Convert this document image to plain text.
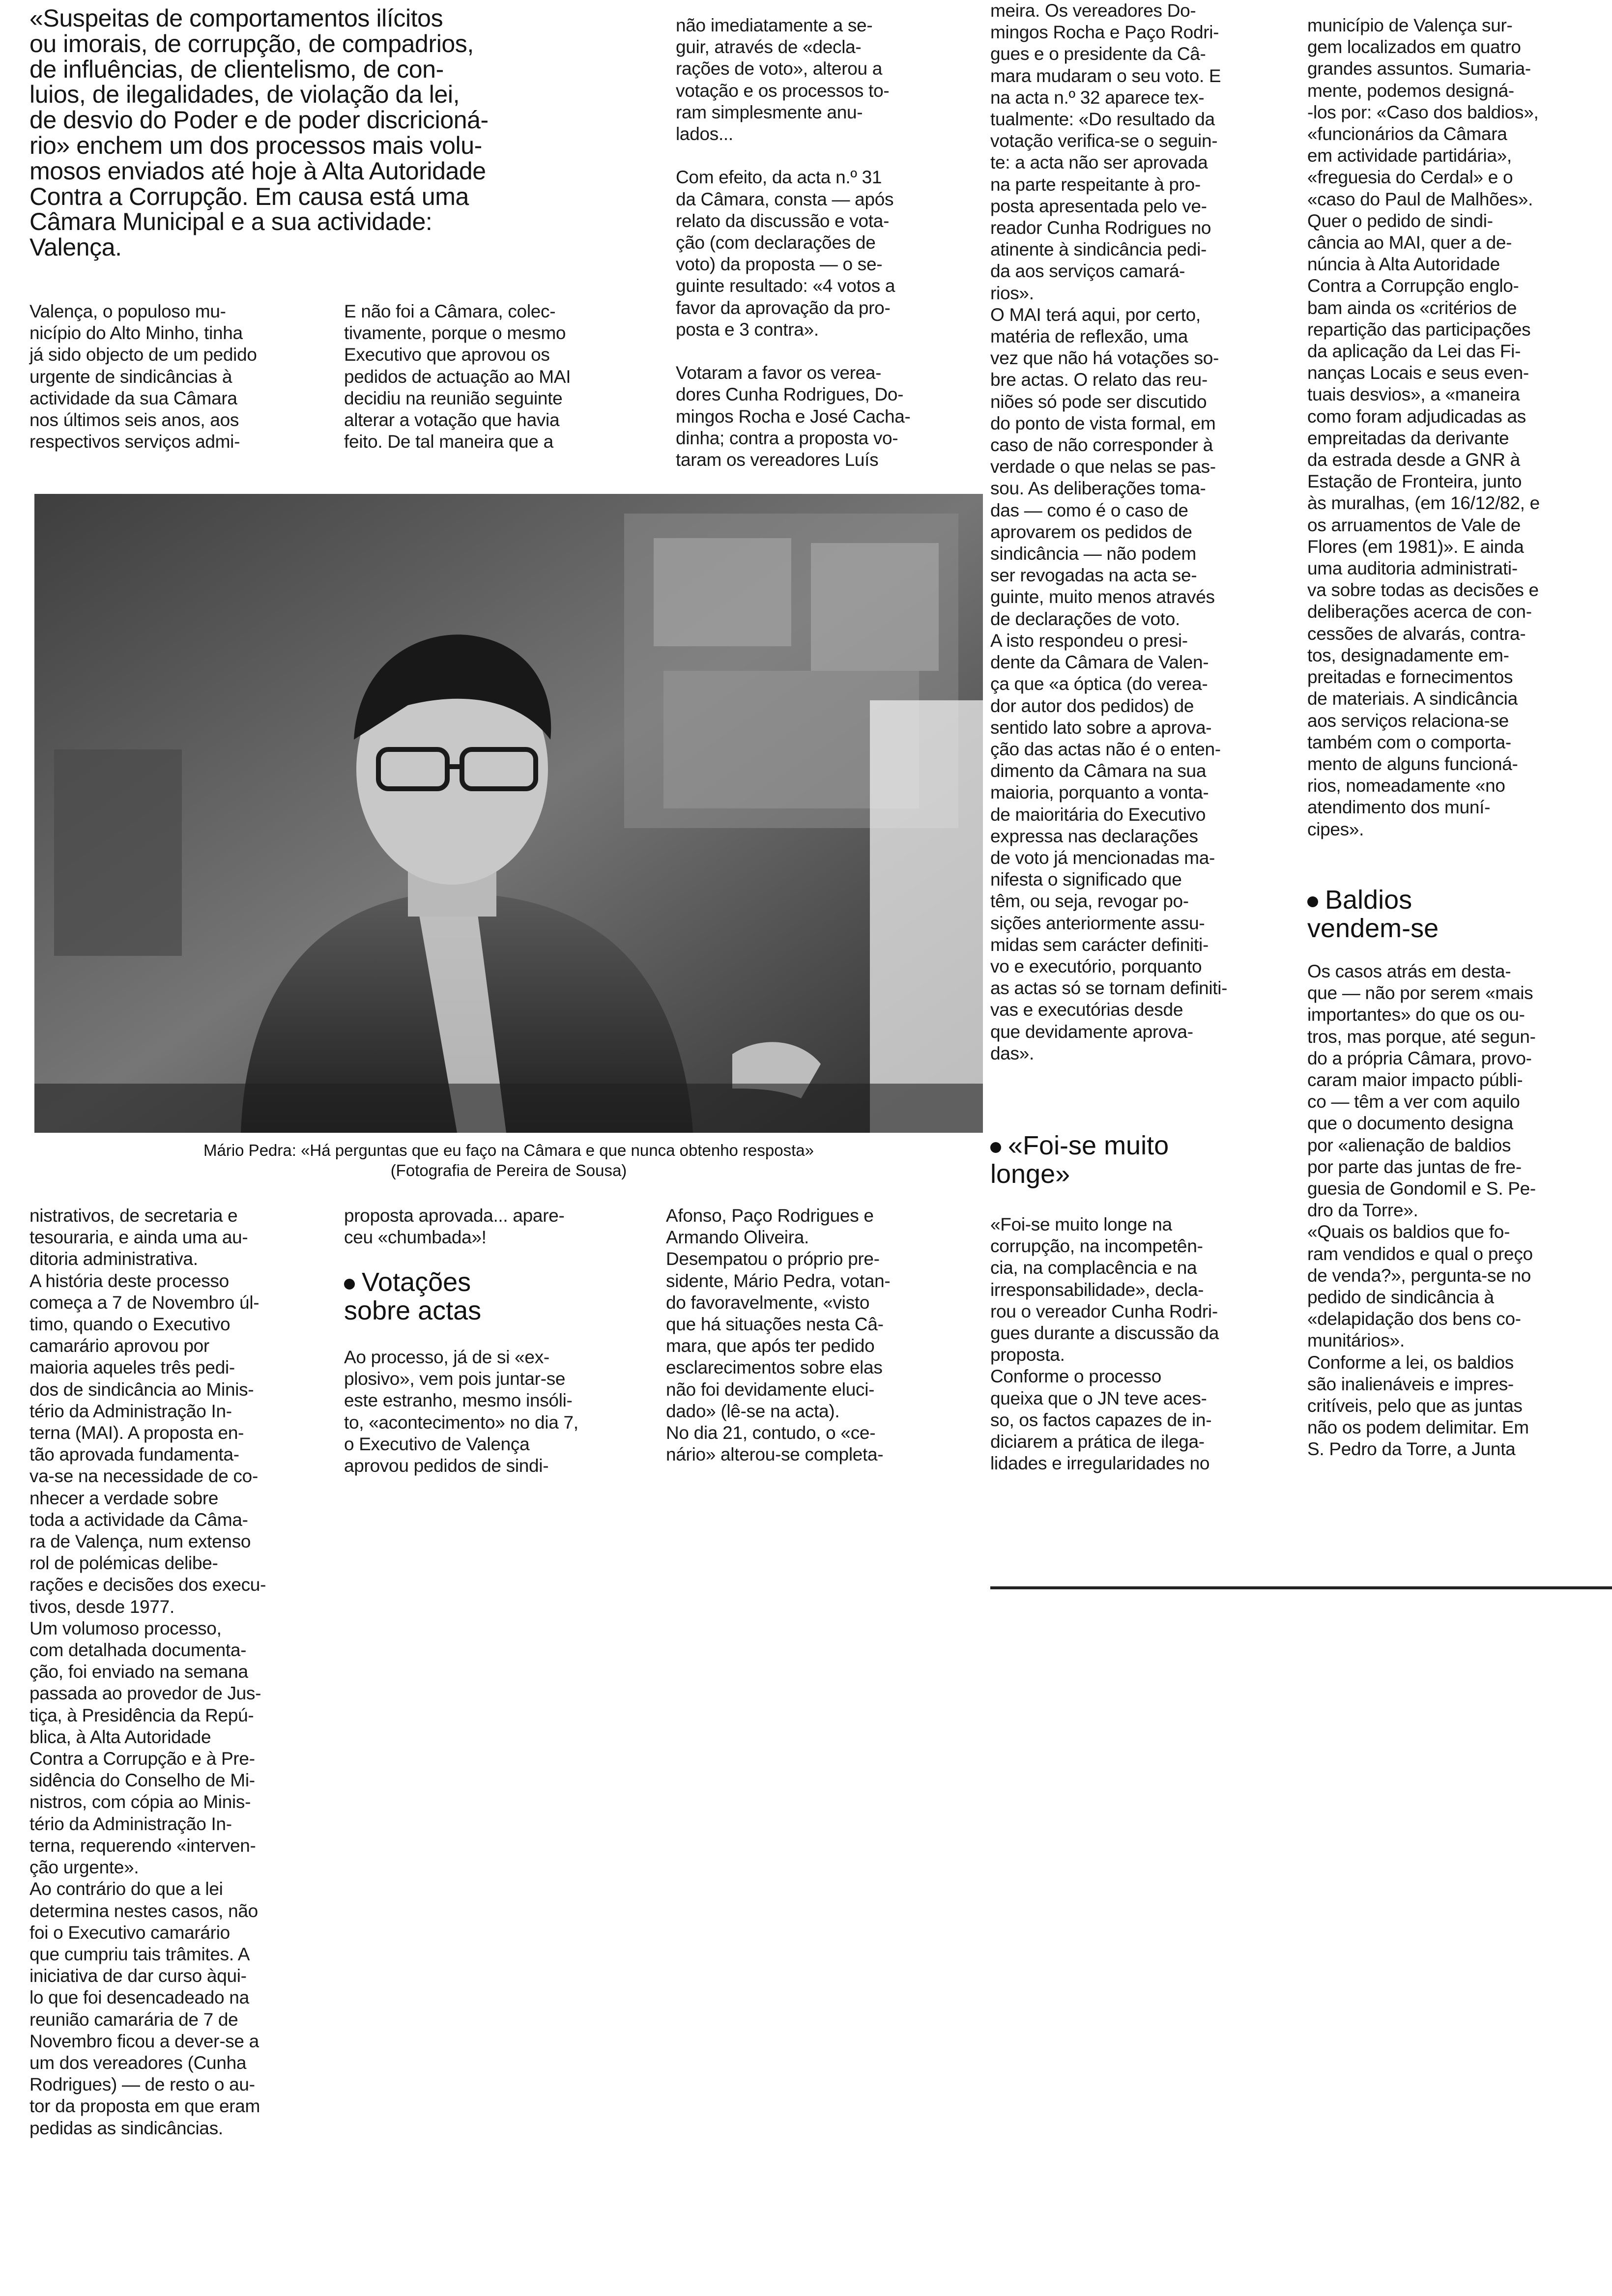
«Suspeitas de comportamentos ilícitos
ou imorais, de corrupção, de compadrios,
de influências, de clientelismo, de con-
luios, de ilegalidades, de violação da lei,
de desvio do Poder e de poder discricioná-
rio» enchem um dos processos mais volu-
mosos enviados até hoje à Alta Autoridade
Contra a Corrupção. Em causa está uma
Câmara Municipal e a sua actividade:
Valença.

Valença, o populoso mu-
nicípio do Alto Minho, tinha
já sido objecto de um pedido
urgente de sindicâncias à
actividade da sua Câmara
nos últimos seis anos, aos
respectivos serviços admi-

E não foi a Câmara, colec-
tivamente, porque o mesmo
Executivo que aprovou os
pedidos de actuação ao MAI
decidiu na reunião seguinte
alterar a votação que havia
feito. De tal maneira que a

não imediatamente a se-
guir, através de «decla-
rações de voto», alterou a
votação e os processos to-
ram simplesmente anu-
lados...

Com efeito, da acta n.º 31
da Câmara, consta — após
relato da discussão e vota-
ção (com declarações de
voto) da proposta — o se-
guinte resultado: «4 votos a
favor da aprovação da pro-
posta e 3 contra».

Votaram a favor os verea-
dores Cunha Rodrigues, Do-
mingos Rocha e José Cacha-
dinha; contra a proposta vo-
taram os vereadores Luís

Mário Pedra: «Há perguntas que eu faço na Câmara e que nunca obtenho resposta»
(Fotografia de Pereira de Sousa)

meira. Os vereadores Do-
mingos Rocha e Paço Rodri-
gues e o presidente da Câ-
mara mudaram o seu voto. E
na acta n.º 32 aparece tex-
tualmente: «Do resultado da
votação verifica-se o seguin-
te: a acta não ser aprovada
na parte respeitante à pro-
posta apresentada pelo ve-
reador Cunha Rodrigues no
atinente à sindicância pedi-
da aos serviços camará-
rios».
O MAI terá aqui, por certo,
matéria de reflexão, uma
vez que não há votações so-
bre actas. O relato das reu-
niões só pode ser discutido
do ponto de vista formal, em
caso de não corresponder à
verdade o que nelas se pas-
sou. As deliberações toma-
das — como é o caso de
aprovarem os pedidos de
sindicância — não podem
ser revogadas na acta se-
guinte, muito menos através
de declarações de voto.
A isto respondeu o presi-
dente da Câmara de Valen-
ça que «a óptica (do verea-
dor autor dos pedidos) de
sentido lato sobre a aprova-
ção das actas não é o enten-
dimento da Câmara na sua
maioria, porquanto a vonta-
de maioritária do Executivo
expressa nas declarações
de voto já mencionadas ma-
nifesta o significado que
têm, ou seja, revogar po-
sições anteriormente assu-
midas sem carácter definiti-
vo e executório, porquanto
as actas só se tornam definiti-
vas e executórias desde
que devidamente aprova-
das».

«Foi-se muito
longe»

«Foi-se muito longe na
corrupção, na incompetên-
cia, na complacência e na
irresponsabilidade», decla-
rou o vereador Cunha Rodri-
gues durante a discussão da
proposta.
Conforme o processo
queixa que o JN teve aces-
so, os factos capazes de in-
diciarem a prática de ilega-
lidades e irregularidades no

município de Valença sur-
gem localizados em quatro
grandes assuntos. Sumaria-
mente, podemos designá-
-los por: «Caso dos baldios»,
«funcionários da Câmara
em actividade partidária»,
«freguesia do Cerdal» e o
«caso do Paul de Malhões».
Quer o pedido de sindi-
cância ao MAI, quer a de-
núncia à Alta Autoridade
Contra a Corrupção englo-
bam ainda os «critérios de
repartição das participações
da aplicação da Lei das Fi-
nanças Locais e seus even-
tuais desvios», a «maneira
como foram adjudicadas as
empreitadas da derivante
da estrada desde a GNR à
Estação de Fronteira, junto
às muralhas, (em 16/12/82, e
os arruamentos de Vale de
Flores (em 1981)». E ainda
uma auditoria administrati-
va sobre todas as decisões e
deliberações acerca de con-
cessões de alvarás, contra-
tos, designadamente em-
preitadas e fornecimentos
de materiais. A sindicância
aos serviços relaciona-se
também com o comporta-
mento de alguns funcioná-
rios, nomeadamente «no
atendimento dos muní-
cipes».

Baldios
vendem-se

Os casos atrás em desta-
que — não por serem «mais
importantes» do que os ou-
tros, mas porque, até segun-
do a própria Câmara, provo-
caram maior impacto públi-
co — têm a ver com aquilo
que o documento designa
por «alienação de baldios
por parte das juntas de fre-
guesia de Gondomil e S. Pe-
dro da Torre».
«Quais os baldios que fo-
ram vendidos e qual o preço
de venda?», pergunta-se no
pedido de sindicância à
«delapidação dos bens co-
munitários».
Conforme a lei, os baldios
são inalienáveis e impres-
critíveis, pelo que as juntas
não os podem delimitar. Em
S. Pedro da Torre, a Junta

nistrativos, de secretaria e
tesouraria, e ainda uma au-
ditoria administrativa.
A história deste processo
começa a 7 de Novembro úl-
timo, quando o Executivo
camarário aprovou por
maioria aqueles três pedi-
dos de sindicância ao Minis-
tério da Administração In-
terna (MAI). A proposta en-
tão aprovada fundamenta-
va-se na necessidade de co-
nhecer a verdade sobre
toda a actividade da Câma-
ra de Valença, num extenso
rol de polémicas delibe-
rações e decisões dos execu-
tivos, desde 1977.
Um volumoso processo,
com detalhada documenta-
ção, foi enviado na semana
passada ao provedor de Jus-
tiça, à Presidência da Repú-
blica, à Alta Autoridade
Contra a Corrupção e à Pre-
sidência do Conselho de Mi-
nistros, com cópia ao Minis-
tério da Administração In-
terna, requerendo «interven-
ção urgente».
Ao contrário do que a lei
determina nestes casos, não
foi o Executivo camarário
que cumpriu tais trâmites. A
iniciativa de dar curso àqui-
lo que foi desencadeado na
reunião camarária de 7 de
Novembro ficou a dever-se a
um dos vereadores (Cunha
Rodrigues) — de resto o au-
tor da proposta em que eram
pedidas as sindicâncias.

proposta aprovada... apare-
ceu «chumbada»!

Votações
sobre actas

Ao processo, já de si «ex-
plosivo», vem pois juntar-se
este estranho, mesmo insóli-
to, «acontecimento» no dia 7,
o Executivo de Valença
aprovou pedidos de sindi-

Afonso, Paço Rodrigues e
Armando Oliveira.
Desempatou o próprio pre-
sidente, Mário Pedra, votan-
do favoravelmente, «visto
que há situações nesta Câ-
mara, que após ter pedido
esclarecimentos sobre elas
não foi devidamente eluci-
dado» (lê-se na acta).
No dia 21, contudo, o «ce-
nário» alterou-se completa-
